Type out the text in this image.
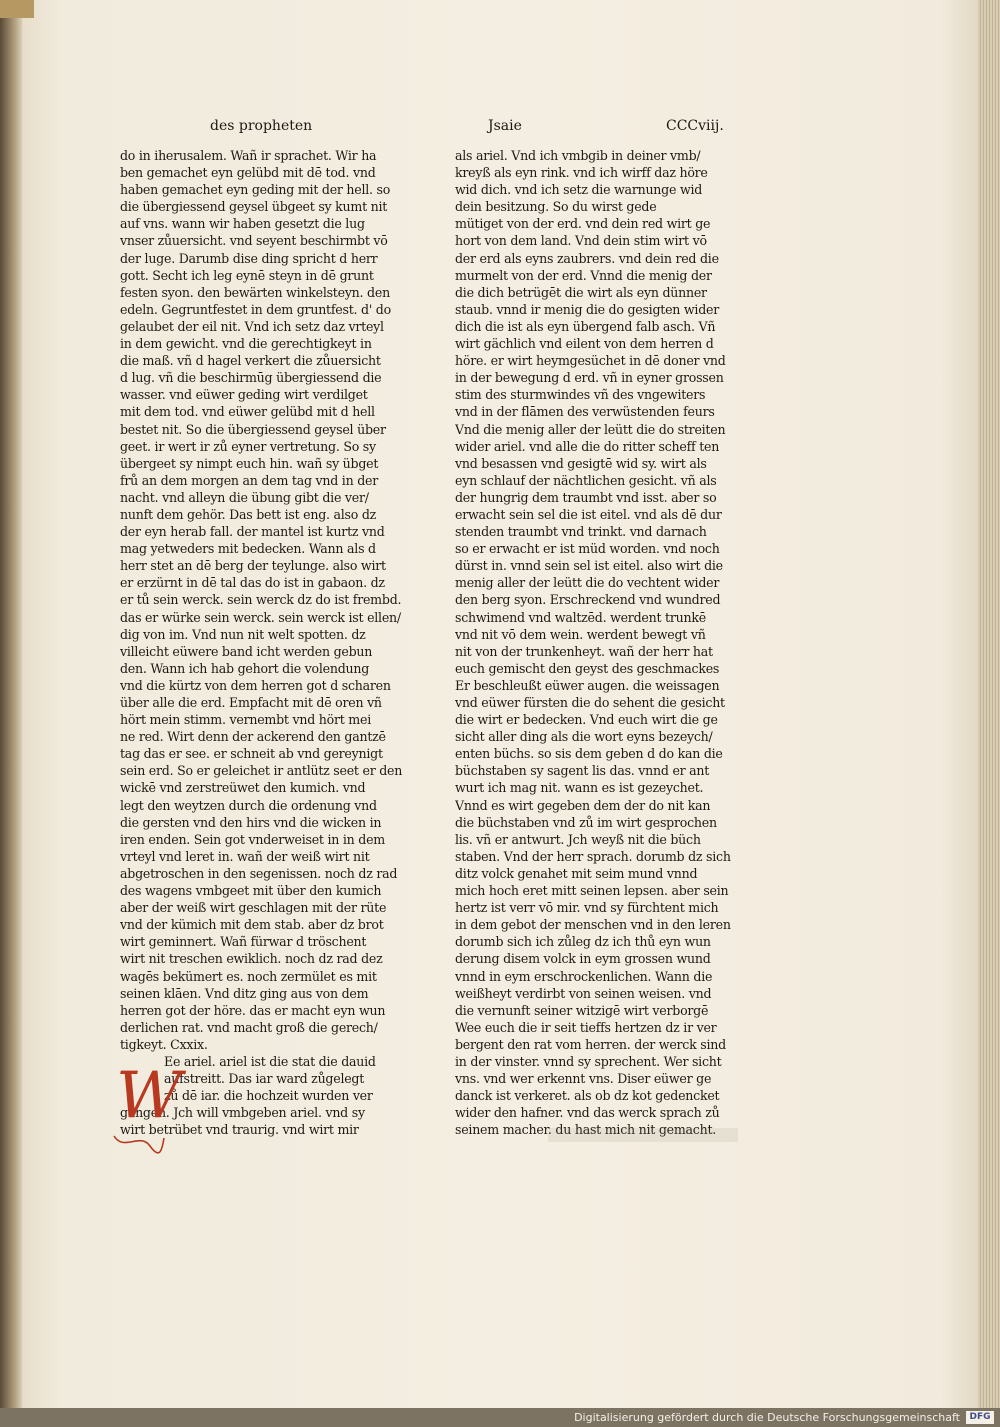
des propheten	Jsaie	CCCviij.
do in iherusalem. Wañ ir sprachet. Wir ha
ben gemachet eyn gelübd mit dē tod. vnd
haben gemachet eyn geding mit der hell. so
die übergiessend geysel übgeet sy kumt nit
auf vns. wann wir haben gesetzt die lug
vnser zůuersicht. vnd seyent beschirmbt vō
der luge. Darumb dise ding spricht d herr
gott. Secht ich leg eynē steyn in dē grunt
festen syon. den bewärten winkelsteyn. den
edeln. Gegruntfestet in dem gruntfest. d' do
gelaubet der eil nit. Vnd ich setz daz vrteyl
in dem gewicht. vnd die gerechtigkeyt in
die maß. vñ d hagel verkert die zůuersicht
d lug. vñ die beschirmūg übergiessend die
wasser. vnd eüwer geding wirt verdilget
mit dem tod. vnd eüwer gelübd mit d hell
bestet nit. So die übergiessend geysel über
geet. ir wert ir zů eyner vertretung. So sy
übergeet sy nimpt euch hin. wañ sy übget
frů an dem morgen an dem tag vnd in der
nacht. vnd alleyn die übung gibt die ver/
nunft dem gehör. Das bett ist eng. also dz
der eyn herab fall. der mantel ist kurtz vnd
mag yetweders mit bedecken. Wann als d
herr stet an dē berg der teylunge. also wirt
er erzürnt in dē tal das do ist in gabaon. dz
er tů sein werck. sein werck dz do ist frembd.
das er würke sein werck. sein werck ist ellen/
dig von im. Vnd nun nit welt spotten. dz
villeicht eüwere band icht werden gebun
den. Wann ich hab gehort die volendung
vnd die kürtz von dem herren got d scharen
über alle die erd. Empfacht mit dē oren vñ
hört mein stimm. vernembt vnd hört mei
ne red. Wirt denn der ackerend den gantzē
tag das er see. er schneit ab vnd gereynigt
sein erd. So er geleichet ir antlütz seet er den
wickē vnd zerstreüwet den kumich. vnd
legt den weytzen durch die ordenung vnd
die gersten vnd den hirs vnd die wicken in
iren enden. Sein got vnderweiset in in dem
vrteyl vnd leret in. wañ der weiß wirt nit
abgetroschen in den segenissen. noch dz rad
des wagens vmbgeet mit über den kumich
aber der weiß wirt geschlagen mit der rüte
vnd der kümich mit dem stab. aber dz brot
wirt geminnert. Wañ fürwar d tröschent
wirt nit treschen ewiklich. noch dz rad dez
wagēs bekümert es. noch zermület es mit
seinen klāen. Vnd ditz ging aus von dem
herren got der höre. das er macht eyn wun
derlichen rat. vnd macht groß die gerech/
tigkeyt. Cxxix.
Ee ariel. ariel ist die stat die dauid
aufstreitt. Das iar ward zůgelegt
zů dē iar. die hochzeit wurden ver
gangen. Jch will vmbgeben ariel. vnd sy
wirt betrübet vnd traurig. vnd wirt mir
W
als ariel. Vnd ich vmbgib in deiner vmb/
kreyß als eyn rink. vnd ich wirff daz höre
wid dich. vnd ich setz die warnunge wid
dein besitzung. So du wirst gede
mütiget von der erd. vnd dein red wirt ge
hort von dem land. Vnd dein stim wirt vō
der erd als eyns zaubrers. vnd dein red die
murmelt von der erd. Vnnd die menig der
die dich betrügēt die wirt als eyn dünner
staub. vnnd ir menig die do gesigten wider
dich die ist als eyn übergend falb asch. Vñ
wirt gächlich vnd eilent von dem herren d
höre. er wirt heymgesüchet in dē doner vnd
in der bewegung d erd. vñ in eyner grossen
stim des sturmwindes vñ des vngewiters
vnd in der flāmen des verwüstenden feurs
Vnd die menig aller der leütt die do streiten
wider ariel. vnd alle die do ritter scheff ten
vnd besassen vnd gesigtē wid sy. wirt als
eyn schlauf der nächtlichen gesicht. vñ als
der hungrig dem traumbt vnd isst. aber so
erwacht sein sel die ist eitel. vnd als dē dur
stenden traumbt vnd trinkt. vnd darnach
so er erwacht er ist müd worden. vnd noch
dürst in. vnnd sein sel ist eitel. also wirt die
menig aller der leütt die do vechtent wider
den berg syon. Erschreckend vnd wundred
schwimend vnd waltzēd. werdent trunkē
vnd nit vō dem wein. werdent bewegt vñ
nit von der trunkenheyt. wañ der herr hat
euch gemischt den geyst des geschmackes
Er beschleußt eüwer augen. die weissagen
vnd eüwer fürsten die do sehent die gesicht
die wirt er bedecken. Vnd euch wirt die ge
sicht aller ding als die wort eyns bezeych/
enten büchs. so sis dem geben d do kan die
büchstaben sy sagent lis das. vnnd er ant
wurt ich mag nit. wann es ist gezeychet.
Vnnd es wirt gegeben dem der do nit kan
die büchstaben vnd zů im wirt gesprochen
lis. vñ er antwurt. Jch weyß nit die büch
staben. Vnd der herr sprach. dorumb dz sich
ditz volck genahet mit seim mund vnnd
mich hoch eret mitt seinen lepsen. aber sein
hertz ist verr vō mir. vnd sy fürchtent mich
in dem gebot der menschen vnd in den leren
dorumb sich ich zůleg dz ich thů eyn wun
derung disem volck in eym grossen wund
vnnd in eym erschrockenlichen. Wann die
weißheyt verdirbt von seinen weisen. vnd
die vernunft seiner witzigē wirt verborgē
Wee euch die ir seit tieffs hertzen dz ir ver
bergent den rat vom herren. der werck sind
in der vinster. vnnd sy sprechent. Wer sicht
vns. vnd wer erkennt vns. Diser eüwer ge
danck ist verkeret. als ob dz kot gedencket
wider den hafner. vnd das werck sprach zů
seinem macher. du hast mich nit gemacht.
Digitalisierung gefördert durch die Deutsche Forschungsgemeinschaft	DFG
